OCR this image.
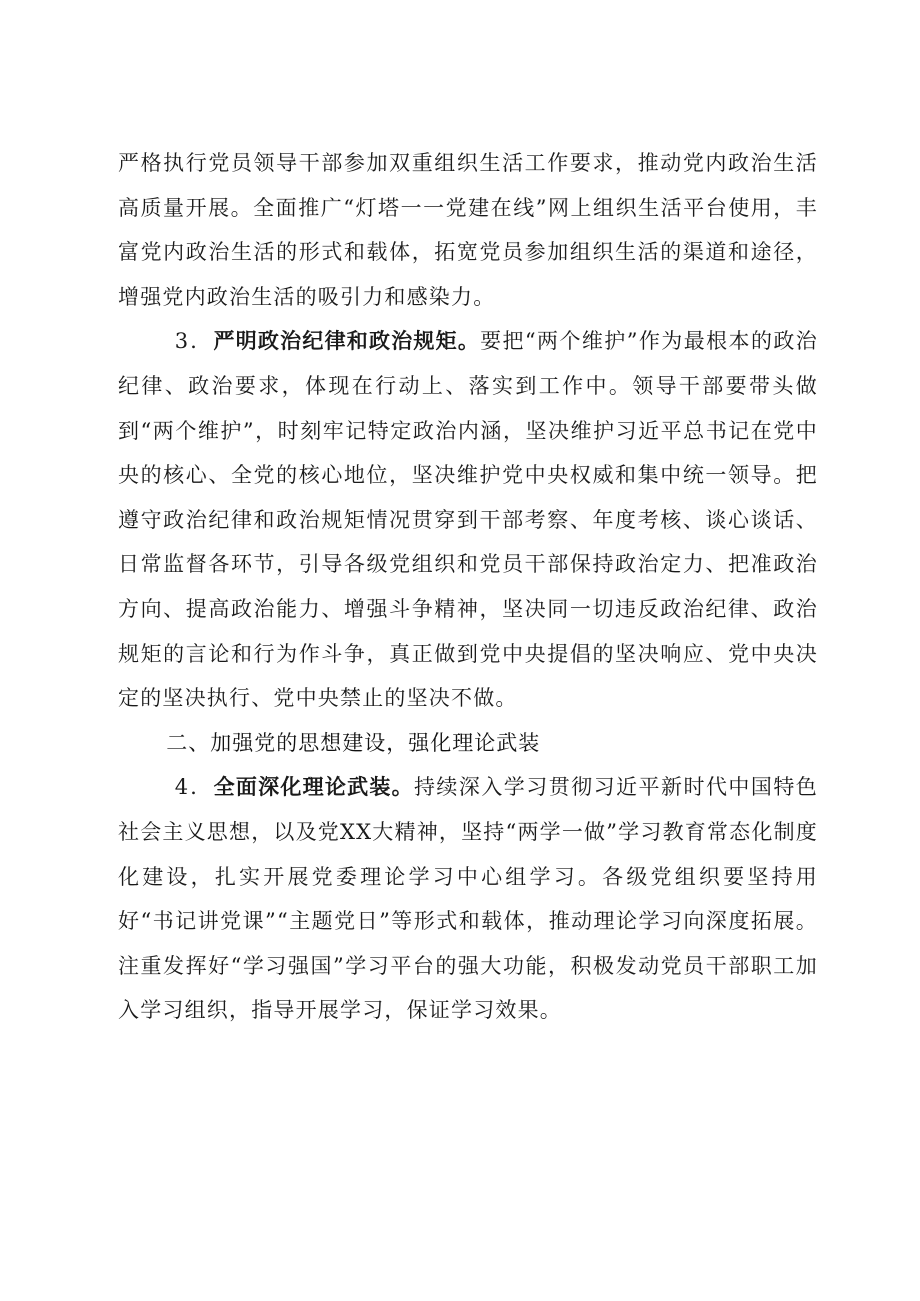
严格执行党员领导干部参加双重组织生活工作要求，推动党内政治生活高质量开展。全面推广“灯塔一一党建在线”网上组织生活平台使用，丰富党内政治生活的形式和载体，拓宽党员参加组织生活的渠道和途径，增强党内政治生活的吸引力和感染力。

3．严明政治纪律和政治规矩。要把“两个维护”作为最根本的政治纪律、政治要求，体现在行动上、落实到工作中。领导干部要带头做到“两个维护”，时刻牢记特定政治内涵，坚决维护习近平总书记在党中央的核心、全党的核心地位，坚决维护党中央权威和集中统一领导。把遵守政治纪律和政治规矩情况贯穿到干部考察、年度考核、谈心谈话、日常监督各环节，引导各级党组织和党员干部保持政治定力、把准政治方向、提高政治能力、增强斗争精神，坚决同一切违反政治纪律、政治规矩的言论和行为作斗争，真正做到党中央提倡的坚决响应、党中央决定的坚决执行、党中央禁止的坚决不做。

二、加强党的思想建设，强化理论武装

4．全面深化理论武装。持续深入学习贯彻习近平新时代中国特色社会主义思想，以及党XX大精神，坚持“两学一做”学习教育常态化制度化建设，扎实开展党委理论学习中心组学习。各级党组织要坚持用好“书记讲党课”“主题党日”等形式和载体，推动理论学习向深度拓展。注重发挥好“学习强国”学习平台的强大功能，积极发动党员干部职工加入学习组织，指导开展学习，保证学习效果。
